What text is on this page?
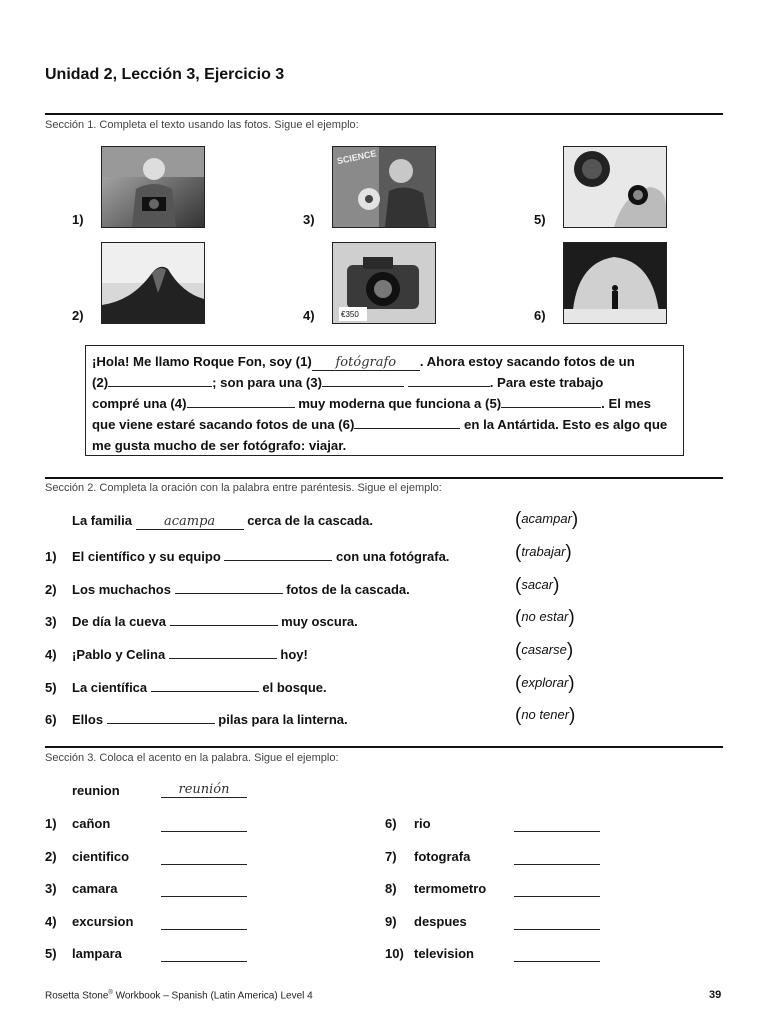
Unidad 2, Lección 3, Ejercicio 3
Sección 1. Completa el texto usando las fotos. Sigue el ejemplo:
1)
2)
3)
SCIENCE
4)	€350
5)
6)

¡Hola! Me llamo Roque Fon, soy (1) fotógrafo . Ahora estoy sacando fotos de un

(2)	; son para una (3)	. Para este trabajo

compré una (4)	muy moderna que funciona a (5)	. El mes

que viene estaré sacando fotos de una (6)	en la Antártida. Esto es algo que

me gusta mucho de ser fotógrafo: viajar.

Sección 2. Completa la oración con la palabra entre paréntesis. Sigue el ejemplo:
La familia acampa cerca de la cascada.	(acampar)
1) El científico y su equipo	con una fotógrafa.	(trabajar)
2) Los muchachos	fotos de la cascada.	(sacar)
3) De día la cueva	muy oscura.	(no estar)
4) ¡Pablo y Celina	hoy!	(casarse)
5) La científica	el bosque.	(explorar)
6) Ellos	pilas para la linterna.	(no tener)
Sección 3. Coloca el acento en la palabra. Sigue el ejemplo:
reunion	reunión
1) cañon
2) cientifico
3) camara
4) excursion
5) lampara
6) rio
7) fotografa
8) termometro
9) despues
10) television
Rosetta Stone® Workbook – Spanish (Latin America) Level 4	39
